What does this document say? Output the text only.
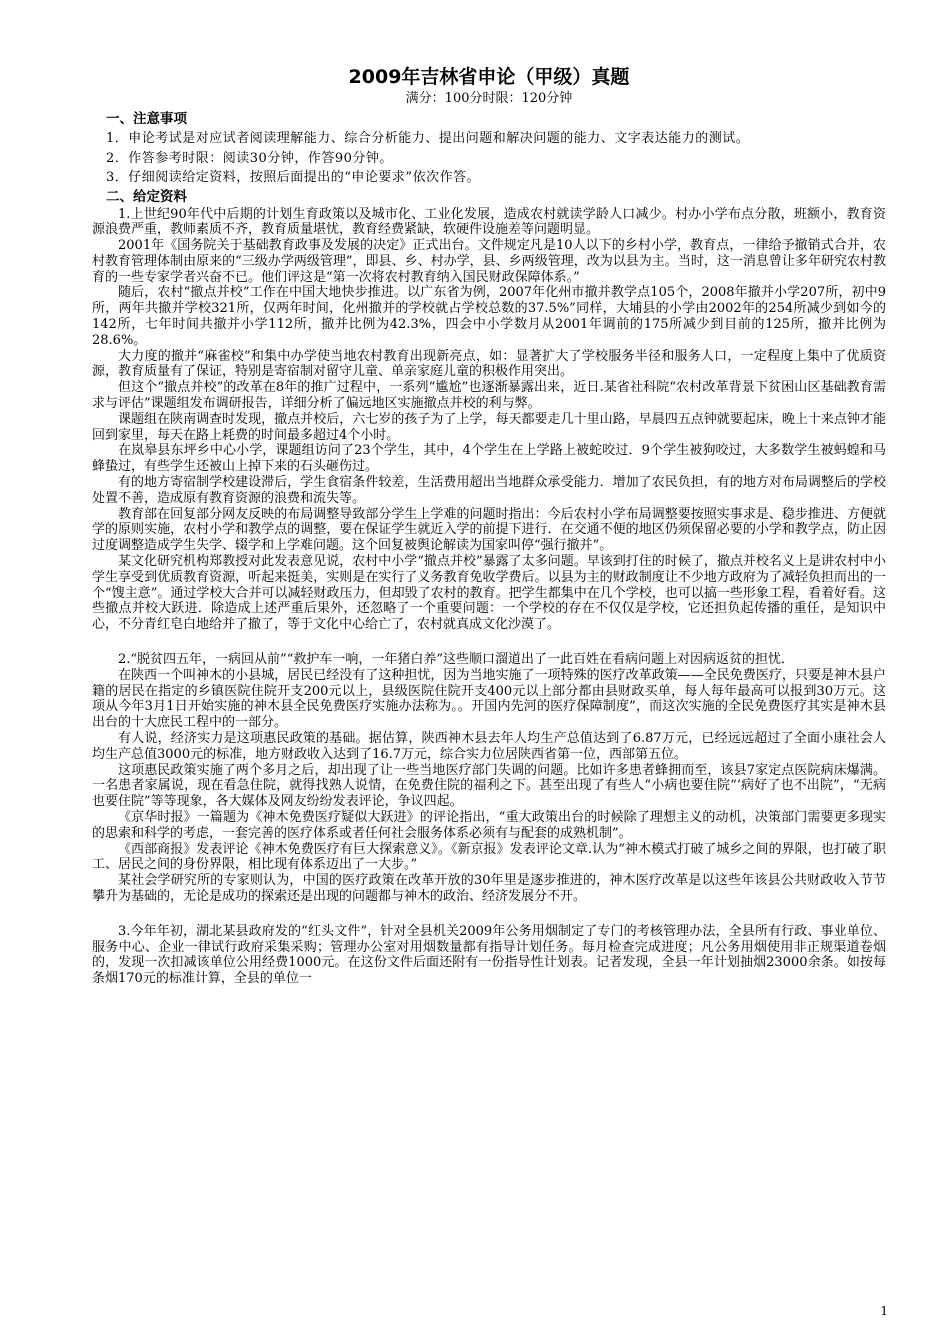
2009年吉林省申论（甲级）真题
满分：100分时限：120分钟
一、注意事项
1．申论考试是对应试者阅读理解能力、综合分析能力、提出问题和解决问题的能力、文字表达能力的测试。
2．作答参考时限：阅读30分钟，作答90分钟。
3．仔细阅读给定资料，按照后面提出的“申论要求”依次作答。
二、给定资料

1.上世纪90年代中后期的计划生育政策以及城市化、工业化发展，造成农村就读学龄人口减少。村办小学布点分散，班额小，教育资源浪费严重，教师素质不齐，教育质量堪忧，教育经费紧缺，软硬件设施差等问题明显。

2001年《国务院关于基础教育政事及发展的决定》正式出台。文件规定凡是10人以下的乡村小学，教育点，一律给予撤销式合并，农村教育管理体制由原来的“三级办学两级管理”，即县、乡、村办学，县、乡两级管理，改为以县为主。当时，这一消息曾让多年研究农村教育的一些专家学者兴奋不已。他们评这是“第一次将农村教育纳入国民财政保障体系。”

随后，农村“撤点并校”工作在中国大地快步推进。以广东省为例，2007年化州市撤并教学点105个，2008年撤并小学207所，初中9所，两年共撤并学校321所，仅两年时间，化州撤并的学校就占学校总数的37.5%”同样，大埔县的小学由2002年的254所减少到如今的142所，七年时间共撤并小学112所，撤并比例为42.3%，四会中小学数月从2001年调前的175所减少到目前的125所，撤并比例为28.6%。

大力度的撤并“麻雀校”和集中办学使当地农村教育出现新亮点，如：显著扩大了学校服务半径和服务人口，一定程度上集中了优质资源，教育质量有了保证，特别是寄宿制对留守儿童、单亲家庭儿童的积极作用突出。

但这个“撤点并校”的改革在8年的推广过程中，一系列“尴尬”也逐渐暴露出来，近日.某省社科院“农村改革背景下贫困山区基础教育需求与评估”课题组发布调研报告，详细分析了偏远地区实施撤点并校的利与弊。

课题组在陕南调查时发现，撤点并校后，六七岁的孩子为了上学，每天都要走几十里山路，早晨四五点钟就要起床，晚上十来点钟才能回到家里，每天在路上耗费的时间最多超过4个小时。

在岚皋县东坪乡中心小学，课题组访问了23个学生，其中，4个学生在上学路上被蛇咬过．9个学生被狗咬过，大多数学生被蚂蝗和马蜂蛰过，有些学生还被山上掉下来的石头砸伤过。

有的地方寄宿制学校建设滞后，学生食宿条件较差，生活费用超出当地群众承受能力．增加了农民负担，有的地方对布局调整后的学校处置不善，造成原有教育资源的浪费和流失等。

教育部在回复部分网友反映的布局调整导致部分学生上学难的问题时指出：今后农村小学布局调整要按照实事求是、稳步推进、方便就学的原则实施，农村小学和教学点的调整，要在保证学生就近入学的前提下进行．在交通不便的地区仍须保留必要的小学和教学点，防止因过度调整造成学生失学、辍学和上学难问题。这个回复被舆论解读为国家叫停“强行撤并”。

某文化研究机构郑教授对此发表意见说，农村中小学“撤点并校”暴露了太多问题。早该到打住的时候了，撤点并校名义上是讲农村中小学生享受到优质教育资源，听起来挺美，实则是在实行了义务教育免收学费后。以县为主的财政制度让不少地方政府为了减轻负担而出的一个“馊主意”。通过学校大合并可以减轻财政压力，但却毁了农村的教育。把学生都集中在几个学校，也可以搞一些形象工程，看着好看。这些撤点并校大跃进．除造成上述严重后果外，还忽略了一个重要问题：一个学校的存在不仅仅是学校，它还担负起传播的重任，是知识中心，不分青红皂白地给并了撤了，等于文化中心给亡了，农村就真成文化沙漠了。

2.“脱贫四五年，一病回从前”“救护车一响，一年猪白养”这些顺口溜道出了一此百姓在看病问题上对因病返贫的担忧．

在陕西一个叫神木的小县城，居民已经没有了这种担忧，因为当地实施了一项特殊的医疗改革政策——全民免费医疗，只要是神木县户籍的居民在指定的乡镇医院住院开支200元以上，县级医院住院开支400元以上部分都由县财政买单，每人每年最高可以报到30万元。这项从今年3月1日开始实施的神木县全民免费医疗实施办法称为。。开国内先河的医疗保障制度”，而这次实施的全民免费医疗其实是神木县出台的十大庶民工程中的一部分。

有人说，经济实力是这项惠民政策的基础。据估算，陕西神木县去年人均生产总值达到了6.87万元，已经远远超过了全面小康社会人均生产总值3000元的标准，地方财政收入达到了16.7万元，综合实力位居陕西省第一位，西部第五位。

这项惠民政策实施了两个多月之后，却出现了让一些当地医疗部门失调的问题。比如许多患者蜂拥而至，该县7家定点医院病床爆满。一名患者家属说，现在看急住院，就得找熟人说情，在免费住院的福利之下。甚至出现了有些人“小病也要住院“‘病好了也不出院”，“无病也要住院”等等现象，各大媒体及网友纷纷发表评论，争议四起。

《京华时报》一篇题为《神木免费医疗疑似大跃进》的评论指出，“重大政策出台的时候除了理想主义的动机，决策部门需要更多现实的思索和科学的考虑，一套完善的医疗体系或者任何社会服务体系必须有与配套的成熟机制”。

《西部商报》发表评论《神木免费医疗有巨大探索意义》。《新京报》发表评论文章.认为“神木模式打破了城乡之间的界限，也打破了职工、居民之间的身份界限，相比现有体系迈出了一大步。”

某社会学研究所的专家则认为，中国的医疗政策在改革开放的30年里是逐步推进的，神木医疗改革是以这些年该县公共财政收入节节攀升为基础的，无论是成功的探索还是出现的问题都与神木的政治、经济发展分不开。

3.今年年初，湖北某县政府发的“红头文件”，针对全县机关2009年公务用烟制定了专门的考核管理办法，全县所有行政、事业单位、服务中心、企业一律试行政府采集采购；管理办公室对用烟数量都有指导计划任务。每月检查完成进度；凡公务用烟使用非正规渠道卷烟的，发现一次扣减该单位公用经费1000元。在这份文件后面还附有一份指导性计划表。记者发现，全县一年计划抽烟23000余条。如按每条烟170元的标准计算，全县的单位一

1
